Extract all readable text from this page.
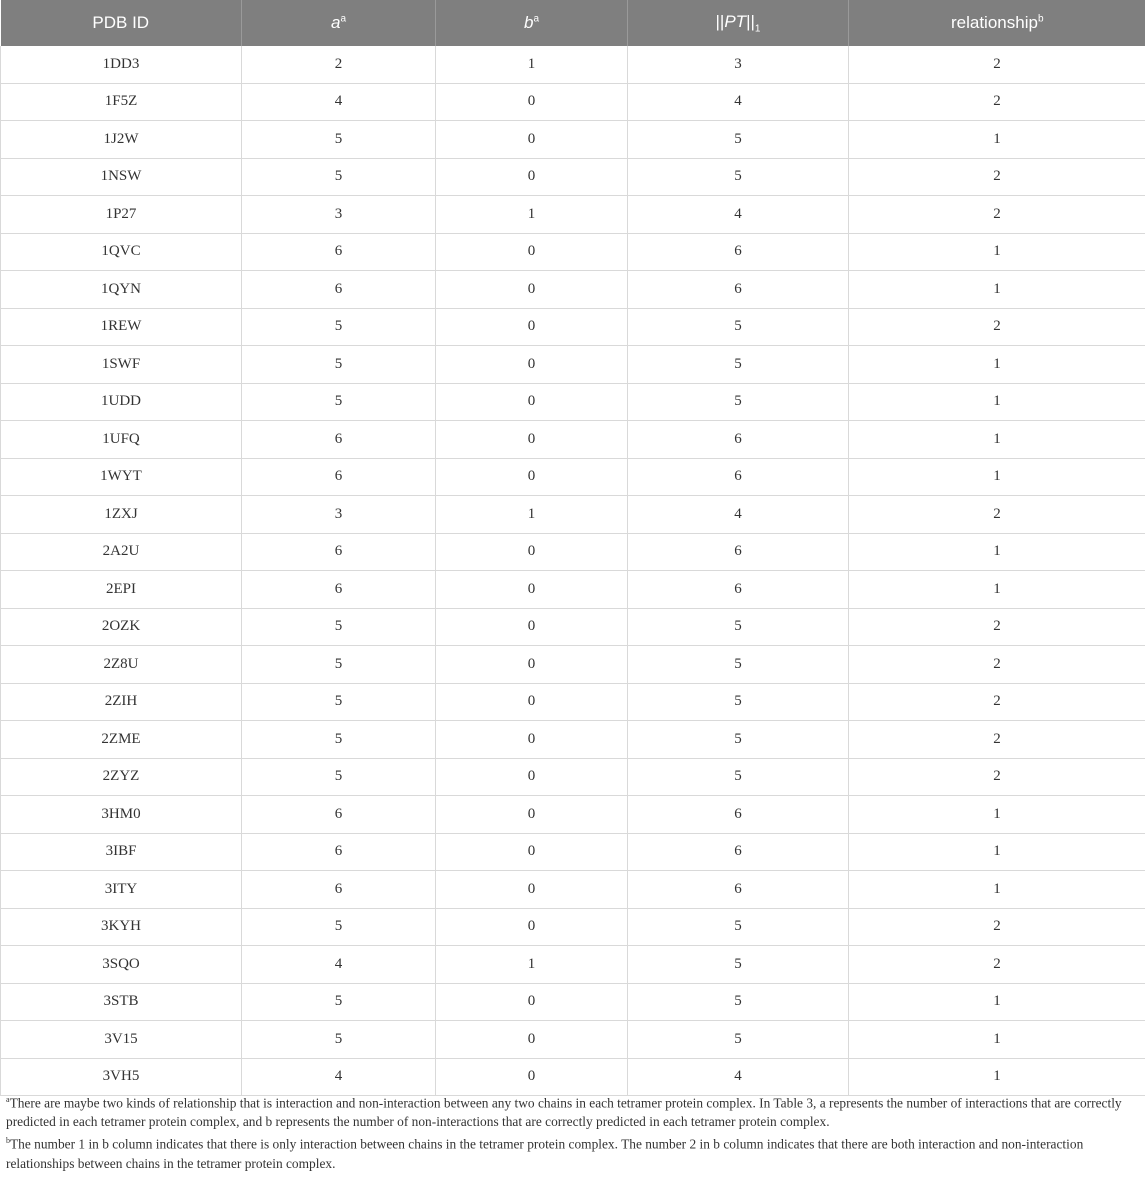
PDB ID	$a^a$	$b^a$	$||PT||_1$	relationship$^b$
1DD3	2	1	3	2
1F5Z	4	0	4	2
1J2W	5	0	5	1
1NSW	5	0	5	2
1P27	3	1	4	2
1QVC	6	0	6	1
1QYN	6	0	6	1
1REW	5	0	5	2
1SWF	5	0	5	1
1UDD	5	0	5	1
1UFQ	6	0	6	1
1WYT	6	0	6	1
1ZXJ	3	1	4	2
2A2U	6	0	6	1
2EPI	6	0	6	1
2OZK	5	0	5	2
2Z8U	5	0	5	2
2ZIH	5	0	5	2
2ZME	5	0	5	2
2ZYZ	5	0	5	2
3HM0	6	0	6	1
3IBF	6	0	6	1
3ITY	6	0	6	1
3KYH	5	0	5	2
3SQO	4	1	5	2
3STB	5	0	5	1
3V15	5	0	5	1
3VH5	4	0	4	1

$^a$There are maybe two kinds of relationship that is interaction and non-interaction between any two chains in each tetramer protein complex. In Table 3, a represents the number of interactions that are correctly predicted in each tetramer protein complex, and b represents the number of non-interactions that are correctly predicted in each tetramer protein complex.

$^b$The number 1 in b column indicates that there is only interaction between chains in the tetramer protein complex. The number 2 in b column indicates that there are both interaction and non-interaction relationships between chains in the tetramer protein complex.
